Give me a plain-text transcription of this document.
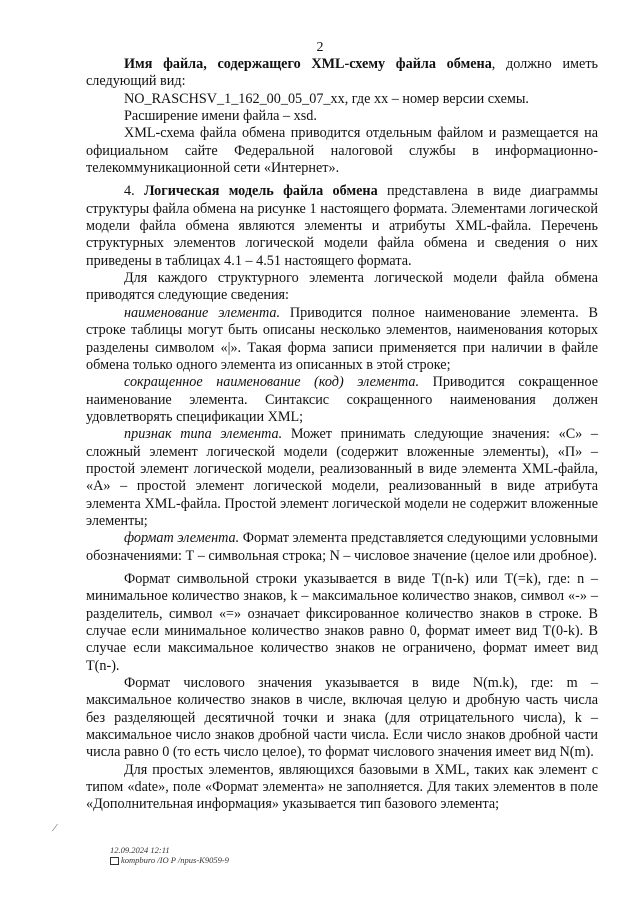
2

Имя файла, содержащего XML-схему файла обмена, должно иметь следующий вид:

NO_RASCHSV_1_162_00_05_07_xx, где xx – номер версии схемы.

Расширение имени файла – xsd.

XML-схема файла обмена приводится отдельным файлом и размещается на официальном сайте Федеральной налоговой службы в информационно-телекоммуникационной сети «Интернет».

4. Логическая модель файла обмена представлена в виде диаграммы структуры файла обмена на рисунке 1 настоящего формата. Элементами логической модели файла обмена являются элементы и атрибуты XML-файла. Перечень структурных элементов логической модели файла обмена и сведения о них приведены в таблицах 4.1 – 4.51 настоящего формата.

Для каждого структурного элемента логической модели файла обмена приводятся следующие сведения:

наименование элемента. Приводится полное наименование элемента. В строке таблицы могут быть описаны несколько элементов, наименования которых разделены символом «|». Такая форма записи применяется при наличии в файле обмена только одного элемента из описанных в этой строке;

сокращенное наименование (код) элемента. Приводится сокращенное наименование элемента. Синтаксис сокращенного наименования должен удовлетворять спецификации XML;

признак типа элемента. Может принимать следующие значения: «С» – сложный элемент логической модели (содержит вложенные элементы), «П» – простой элемент логической модели, реализованный в виде элемента XML-файла, «А» – простой элемент логической модели, реализованный в виде атрибута элемента XML-файла. Простой элемент логической модели не содержит вложенные элементы;

формат элемента. Формат элемента представляется следующими условными обозначениями: Т – символьная строка; N – числовое значение (целое или дробное).

Формат символьной строки указывается в виде Т(n-k) или Т(=k), где: n – минимальное количество знаков, k – максимальное количество знаков, символ «-» – разделитель, символ «=» означает фиксированное количество знаков в строке. В случае если минимальное количество знаков равно 0, формат имеет вид Т(0-k). В случае если максимальное количество знаков не ограничено, формат имеет вид Т(n-).

Формат числового значения указывается в виде N(m.k), где: m – максимальное количество знаков в числе, включая целую и дробную часть числа без разделяющей десятичной точки и знака (для отрицательного числа), k – максимальное число знаков дробной части числа. Если число знаков дробной части числа равно 0 (то есть число целое), то формат числового значения имеет вид N(m).

Для простых элементов, являющихся базовыми в XML, таких как элемент с типом «date», поле «Формат элемента» не заполняется. Для таких элементов в поле «Дополнительная информация» указывается тип базового элемента;

⁄
12.09.2024 12:11
kompburo /IO P /npus-K9059-9
